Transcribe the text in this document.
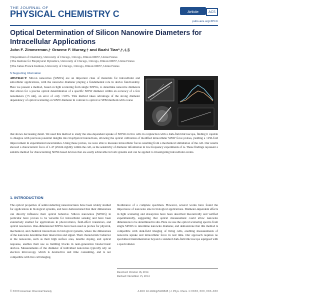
THE JOURNAL OF
PHYSICAL CHEMISTRY C	Article	ACS
pubs.acs.org/JPCC
Optical Determination of Silicon Nanowire Diameters for Intracellular Applications
John F. Zimmerman,† Graeme F. Murray,† and Bozhi Tian*,†,‡,§
†Department of Chemistry, University of Chicago, Chicago, Illinois 60637, United States
‡The Institute for Biophysical Dynamics, University of Chicago, Chicago, Illinois 60637, United States
§The James Franck Institute, University of Chicago, Chicago, Illinois 60637, United States
S Supporting Information
ABSTRACT: Silicon nanowires (SiNWs) are an important class of materials for intracellular and subcellular applications, with the nanowire diameter playing a fundamental role in device functionality. Here we present a method, based on light scattering from single SiNWs, to determine nanowire diameters that allows for a precise optical determination of a specific SiNW diameter within an accuracy of a few nanometers (<5 nm), an error of only ~3.8%. This method takes advantage of the strong diameter dependency of optical scattering on SiNW diameter in contrast to optical or SEM methods with coarse
that shows decreasing detail. We used this method to study the size-dependent uptake of SiNWs in live cells in conjunction with a dark-field microscope, finding it capable to disagree with previous potential insights into biophysical interactions, allowing the optical calibration of modified intracellular SiNW force probes, yielding a ~250-fold improvement in experimental uncertainties. Using these probes, we were able to measure intracellular forces resulting from a mechanical stimulation of the cell. Our results showed a characteristic force of 1.47 pN/nm rigidity within the cell, as the sensitivity of diameter information in low-frequency experiments of A. These findings represent a suitable method for characterizing SiNW-based devices that are easily achievable in both systems and can be applied to investigating intracellular events.
1. INTRODUCTION
The optical properties of semiconducting nanostructures have been widely studied for applications in biological systems, and have demonstrated that their dimensions can directly influence their optical behavior. Silicon nanowires (SiNWs) in particular have proven to be versatile for intracellular sensing and have been extensively studied for applications in photovoltaics, field-effect transistors, and optical resonators. One-dimensional SiNWs have been used as probes for physical, mechanical, and chemical interactions in biological systems, where the dimensions of the nanowire determine their interaction and signal. Their characteristic behavior at the nanoscale, such as their high surface area, tunable doping, and optical response, enables their use as building blocks in next-generation bioelectronic devices. Measurements of the diameter of individual nanowires typically rely on electron microscopy, which is destructive and time consuming, and is not compatible with live cell imaging.
biodistance of a complete specimen. However, several works have found the importance of nanowire size in biological applications. Diameter-dependent effects in light scattering and absorption have been described theoretically and verified experimentally, suggesting that optical measurement could allow nanowire dimensions to be determined in situ. Here we use the optical scattering spectra from single SiNWs to determine nanowire diameter, and demonstrate that this method is compatible with dark-field imaging of living cells, enabling measurements of nanowire uptake and intracellular force in real time. Our approach requires no specialized instrumentation beyond a standard dark-field microscope equipped with a spectrometer.
Received: October 16, 2014
Revised: December 15, 2014
© XXXX American Chemical Society	A DOI: 10.1021/jp5103645 | J. Phys. Chem. C XXXX, XXX, XXX–XXX
